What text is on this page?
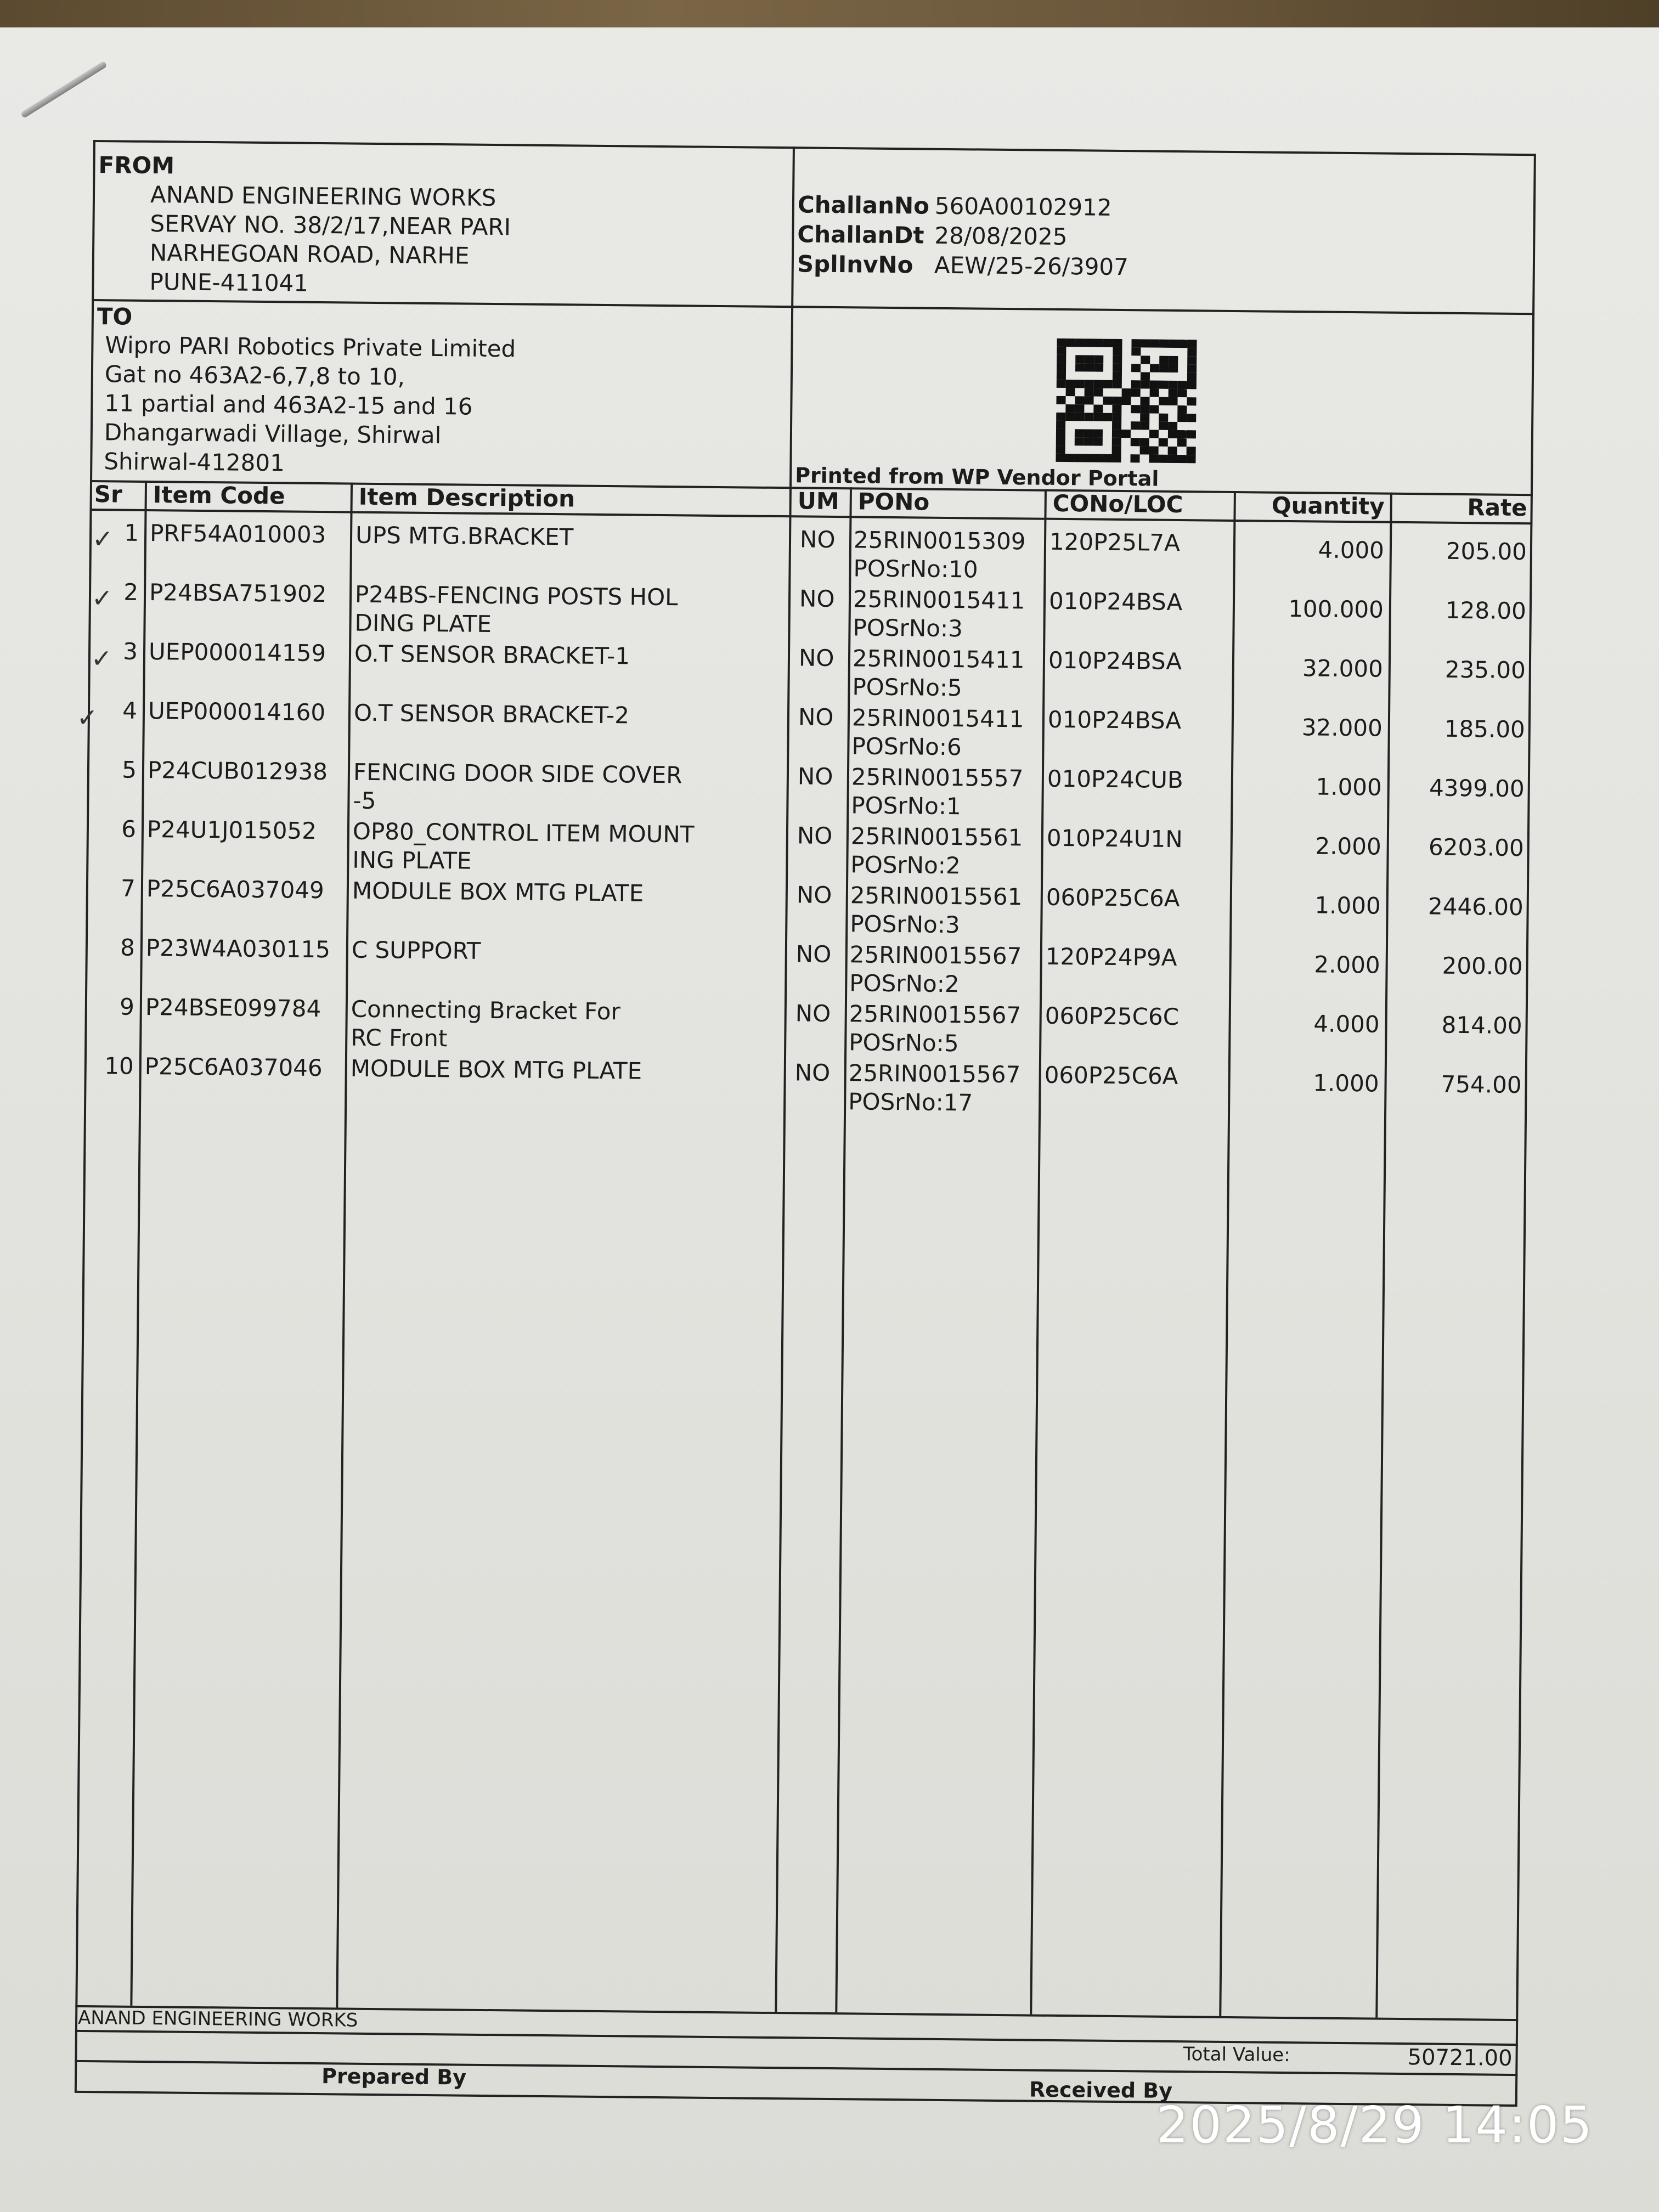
FROM
ANAND ENGINEERING WORKS
SERVAY NO. 38/2/17,NEAR PARI
NARHEGOAN ROAD, NARHE
PUNE-411041
ChallanNo 560A00102912
ChallanDt 28/08/2025
SplInvNo AEW/25-26/3907
TO
Wipro PARI Robotics Private Limited
Gat no 463A2-6,7,8 to 10,
11 partial and 463A2-15 and 16
Dhangarwadi Village, Shirwal
Shirwal-412801
Printed from WP Vendor Portal
Sr Item Code	Item Description	UM PONo	CONo/LOC	Quantity	Rate
1 PRF54A010003 UPS MTG.BRACKET	NO 25RIN0015309 120P25L7A	4.000	205.00
POSrNo:10
2 P24BSA751902 P24BS-FENCING POSTS HOL	NO 25RIN0015411 010P24BSA	100.000	128.00
DING PLATE	POSrNo:3
3 UEP000014159 O.T SENSOR BRACKET-1	NO 25RIN0015411 010P24BSA	32.000	235.00
POSrNo:5
4 UEP000014160 O.T SENSOR BRACKET-2	NO 25RIN0015411 010P24BSA	32.000	185.00
POSrNo:6
5 P24CUB012938 FENCING DOOR SIDE COVER	NO 25RIN0015557 010P24CUB	1.000	4399.00
-5	POSrNo:1
6 P24U1J015052 OP80_CONTROL ITEM MOUNT	NO 25RIN0015561 010P24U1N	2.000	6203.00
ING PLATE	POSrNo:2
7 P25C6A037049 MODULE BOX MTG PLATE	NO 25RIN0015561 060P25C6A	1.000	2446.00
POSrNo:3
8 P23W4A030115 C SUPPORT	NO 25RIN0015567 120P24P9A	2.000	200.00
POSrNo:2
9 P24BSE099784 Connecting Bracket For	NO 25RIN0015567 060P25C6C	4.000	814.00
RC Front	POSrNo:5
10 P25C6A037046 MODULE BOX MTG PLATE	NO 25RIN0015567 060P25C6A	1.000	754.00
POSrNo:17
✓
✓
✓
✓
ANAND ENGINEERING WORKS
Total Value:	50721.00
Prepared By
Received By
2025/8/29 14:05
